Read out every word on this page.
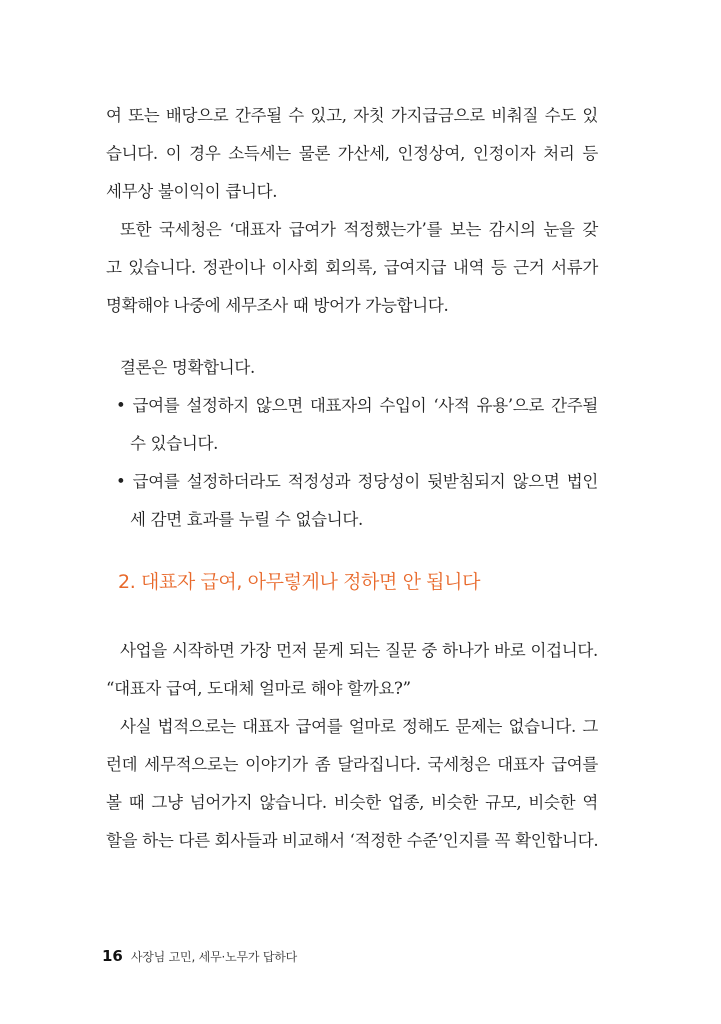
여 또는 배당으로 간주될 수 있고, 자칫 가지급금으로 비춰질 수도 있

습니다. 이 경우 소득세는 물론 가산세, 인정상여, 인정이자 처리 등

세무상 불이익이 큽니다.

또한 국세청은 ‘대표자 급여가 적정했는가’를 보는 감시의 눈을 갖

고 있습니다. 정관이나 이사회 회의록, 급여지급 내역 등 근거 서류가

명확해야 나중에 세무조사 때 방어가 가능합니다.

결론은 명확합니다.

• 급여를 설정하지 않으면 대표자의 수입이 ‘사적 유용’으로 간주될

수 있습니다.

• 급여를 설정하더라도 적정성과 정당성이 뒷받침되지 않으면 법인

세 감면 효과를 누릴 수 없습니다.

2. 대표자 급여, 아무렇게나 정하면 안 됩니다

사업을 시작하면 가장 먼저 묻게 되는 질문 중 하나가 바로 이겁니다.

“대표자 급여, 도대체 얼마로 해야 할까요?”

사실 법적으로는 대표자 급여를 얼마로 정해도 문제는 없습니다. 그

런데 세무적으로는 이야기가 좀 달라집니다. 국세청은 대표자 급여를

볼 때 그냥 넘어가지 않습니다. 비슷한 업종, 비슷한 규모, 비슷한 역

할을 하는 다른 회사들과 비교해서 ‘적정한 수준’인지를 꼭 확인합니다.

16 사장님 고민, 세무·노무가 답하다
